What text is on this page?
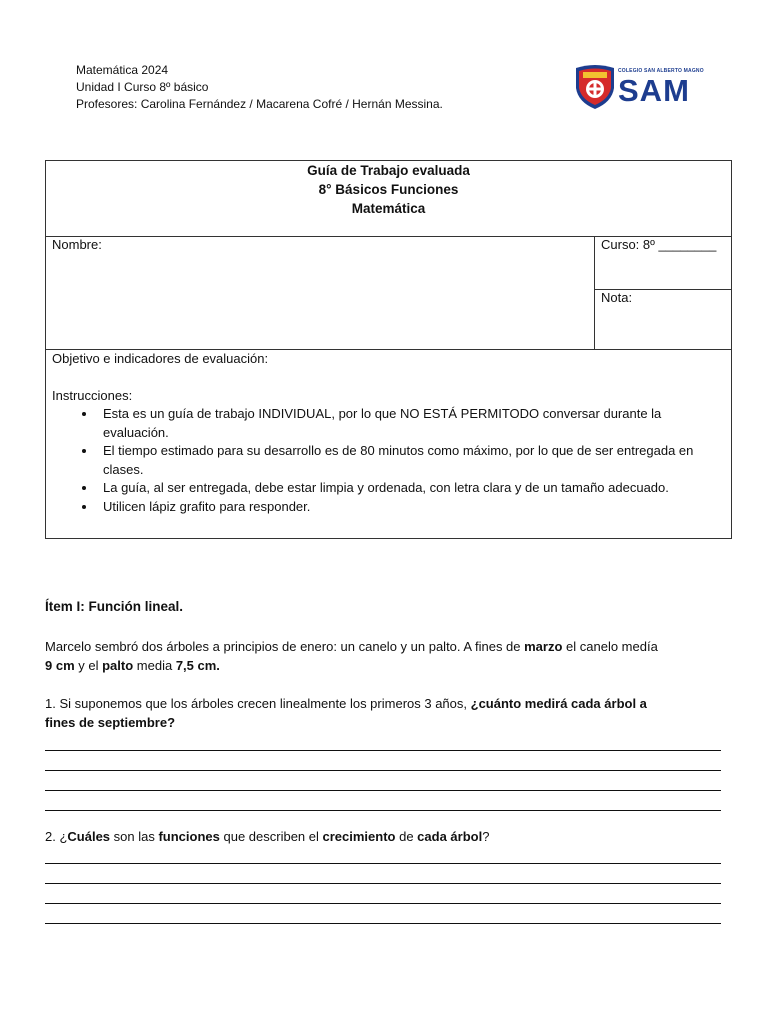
Matemática 2024
Unidad I Curso 8º básico
Profesores: Carolina Fernández / Macarena Cofré / Hernán Messina.
COLEGIO SAN ALBERTO MAGNO
SAM
Guía de Trabajo evaluada
8° Básicos Funciones
Matemática

Nombre:	Curso: 8º ________
Nota:

Objetivo e indicadores de evaluación:
Instrucciones:
• Esta es un guía de trabajo INDIVIDUAL, por lo que NO ESTÁ PERMITODO conversar durante la evaluación.
• El tiempo estimado para su desarrollo es de 80 minutos como máximo, por lo que de ser entregada en clases.
• La guía, al ser entregada, debe estar limpia y ordenada, con letra clara y de un tamaño adecuado.
• Utilicen lápiz grafito para responder.
Ítem I: Función lineal.
Marcelo sembró dos árboles a principios de enero: un canelo y un palto. A fines de marzo el canelo medía
9 cm y el palto media 7,5 cm.
1. Si suponemos que los árboles crecen linealmente los primeros 3 años, ¿cuánto medirá cada árbol a fines de septiembre?
2. ¿Cuáles son las funciones que describen el crecimiento de cada árbol?
